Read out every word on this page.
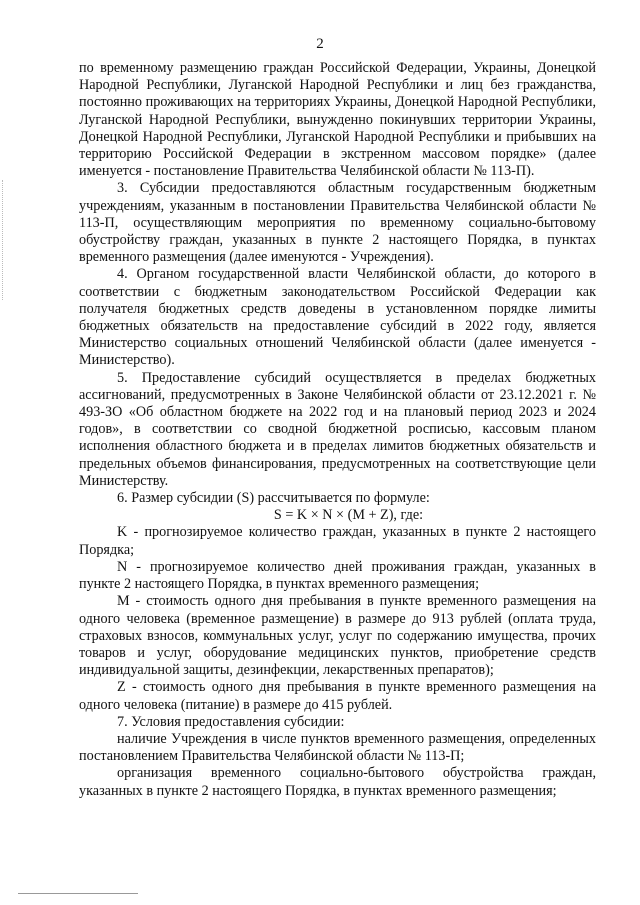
2

по временному размещению граждан Российской Федерации, Украины, Донецкой Народной Республики, Луганской Народной Республики и лиц без гражданства, постоянно проживающих на территориях Украины, Донецкой Народной Республики, Луганской Народной Республики, вынужденно покинувших территории Украины, Донецкой Народной Республики, Луганской Народной Республики и прибывших на территорию Российской Федерации в экстренном массовом порядке» (далее именуется - постановление Правительства Челябинской области № 113-П).

3. Субсидии предоставляются областным государственным бюджетным учреждениям, указанным в постановлении Правительства Челябинской области № 113-П, осуществляющим мероприятия по временному социально-бытовому обустройству граждан, указанных в пункте 2 настоящего Порядка, в пунктах временного размещения (далее именуются - Учреждения).

4. Органом государственной власти Челябинской области, до которого в соответствии с бюджетным законодательством Российской Федерации как получателя бюджетных средств доведены в установленном порядке лимиты бюджетных обязательств на предоставление субсидий в 2022 году, является Министерство социальных отношений Челябинской области (далее именуется - Министерство).

5. Предоставление субсидий осуществляется в пределах бюджетных ассигнований, предусмотренных в Законе Челябинской области от 23.12.2021 г. № 493-ЗО «Об областном бюджете на 2022 год и на плановый период 2023 и 2024 годов», в соответствии со сводной бюджетной росписью, кассовым планом исполнения областного бюджета и в пределах лимитов бюджетных обязательств и предельных объемов финансирования, предусмотренных на соответствующие цели Министерству.

6. Размер субсидии (S) рассчитывается по формуле:

S = K × N × (M + Z), где:

K - прогнозируемое количество граждан, указанных в пункте 2 настоящего Порядка;

N - прогнозируемое количество дней проживания граждан, указанных в пункте 2 настоящего Порядка, в пунктах временного размещения;

M - стоимость одного дня пребывания в пункте временного размещения на одного человека (временное размещение) в размере до 913 рублей (оплата труда, страховых взносов, коммунальных услуг, услуг по содержанию имущества, прочих товаров и услуг, оборудование медицинских пунктов, приобретение средств индивидуальной защиты, дезинфекции, лекарственных препаратов);

Z - стоимость одного дня пребывания в пункте временного размещения на одного человека (питание) в размере до 415 рублей.

7. Условия предоставления субсидии:

наличие Учреждения в числе пунктов временного размещения, определенных постановлением Правительства Челябинской области № 113-П;

организация временного социально-бытового обустройства граждан, указанных в пункте 2 настоящего Порядка, в пунктах временного размещения;
